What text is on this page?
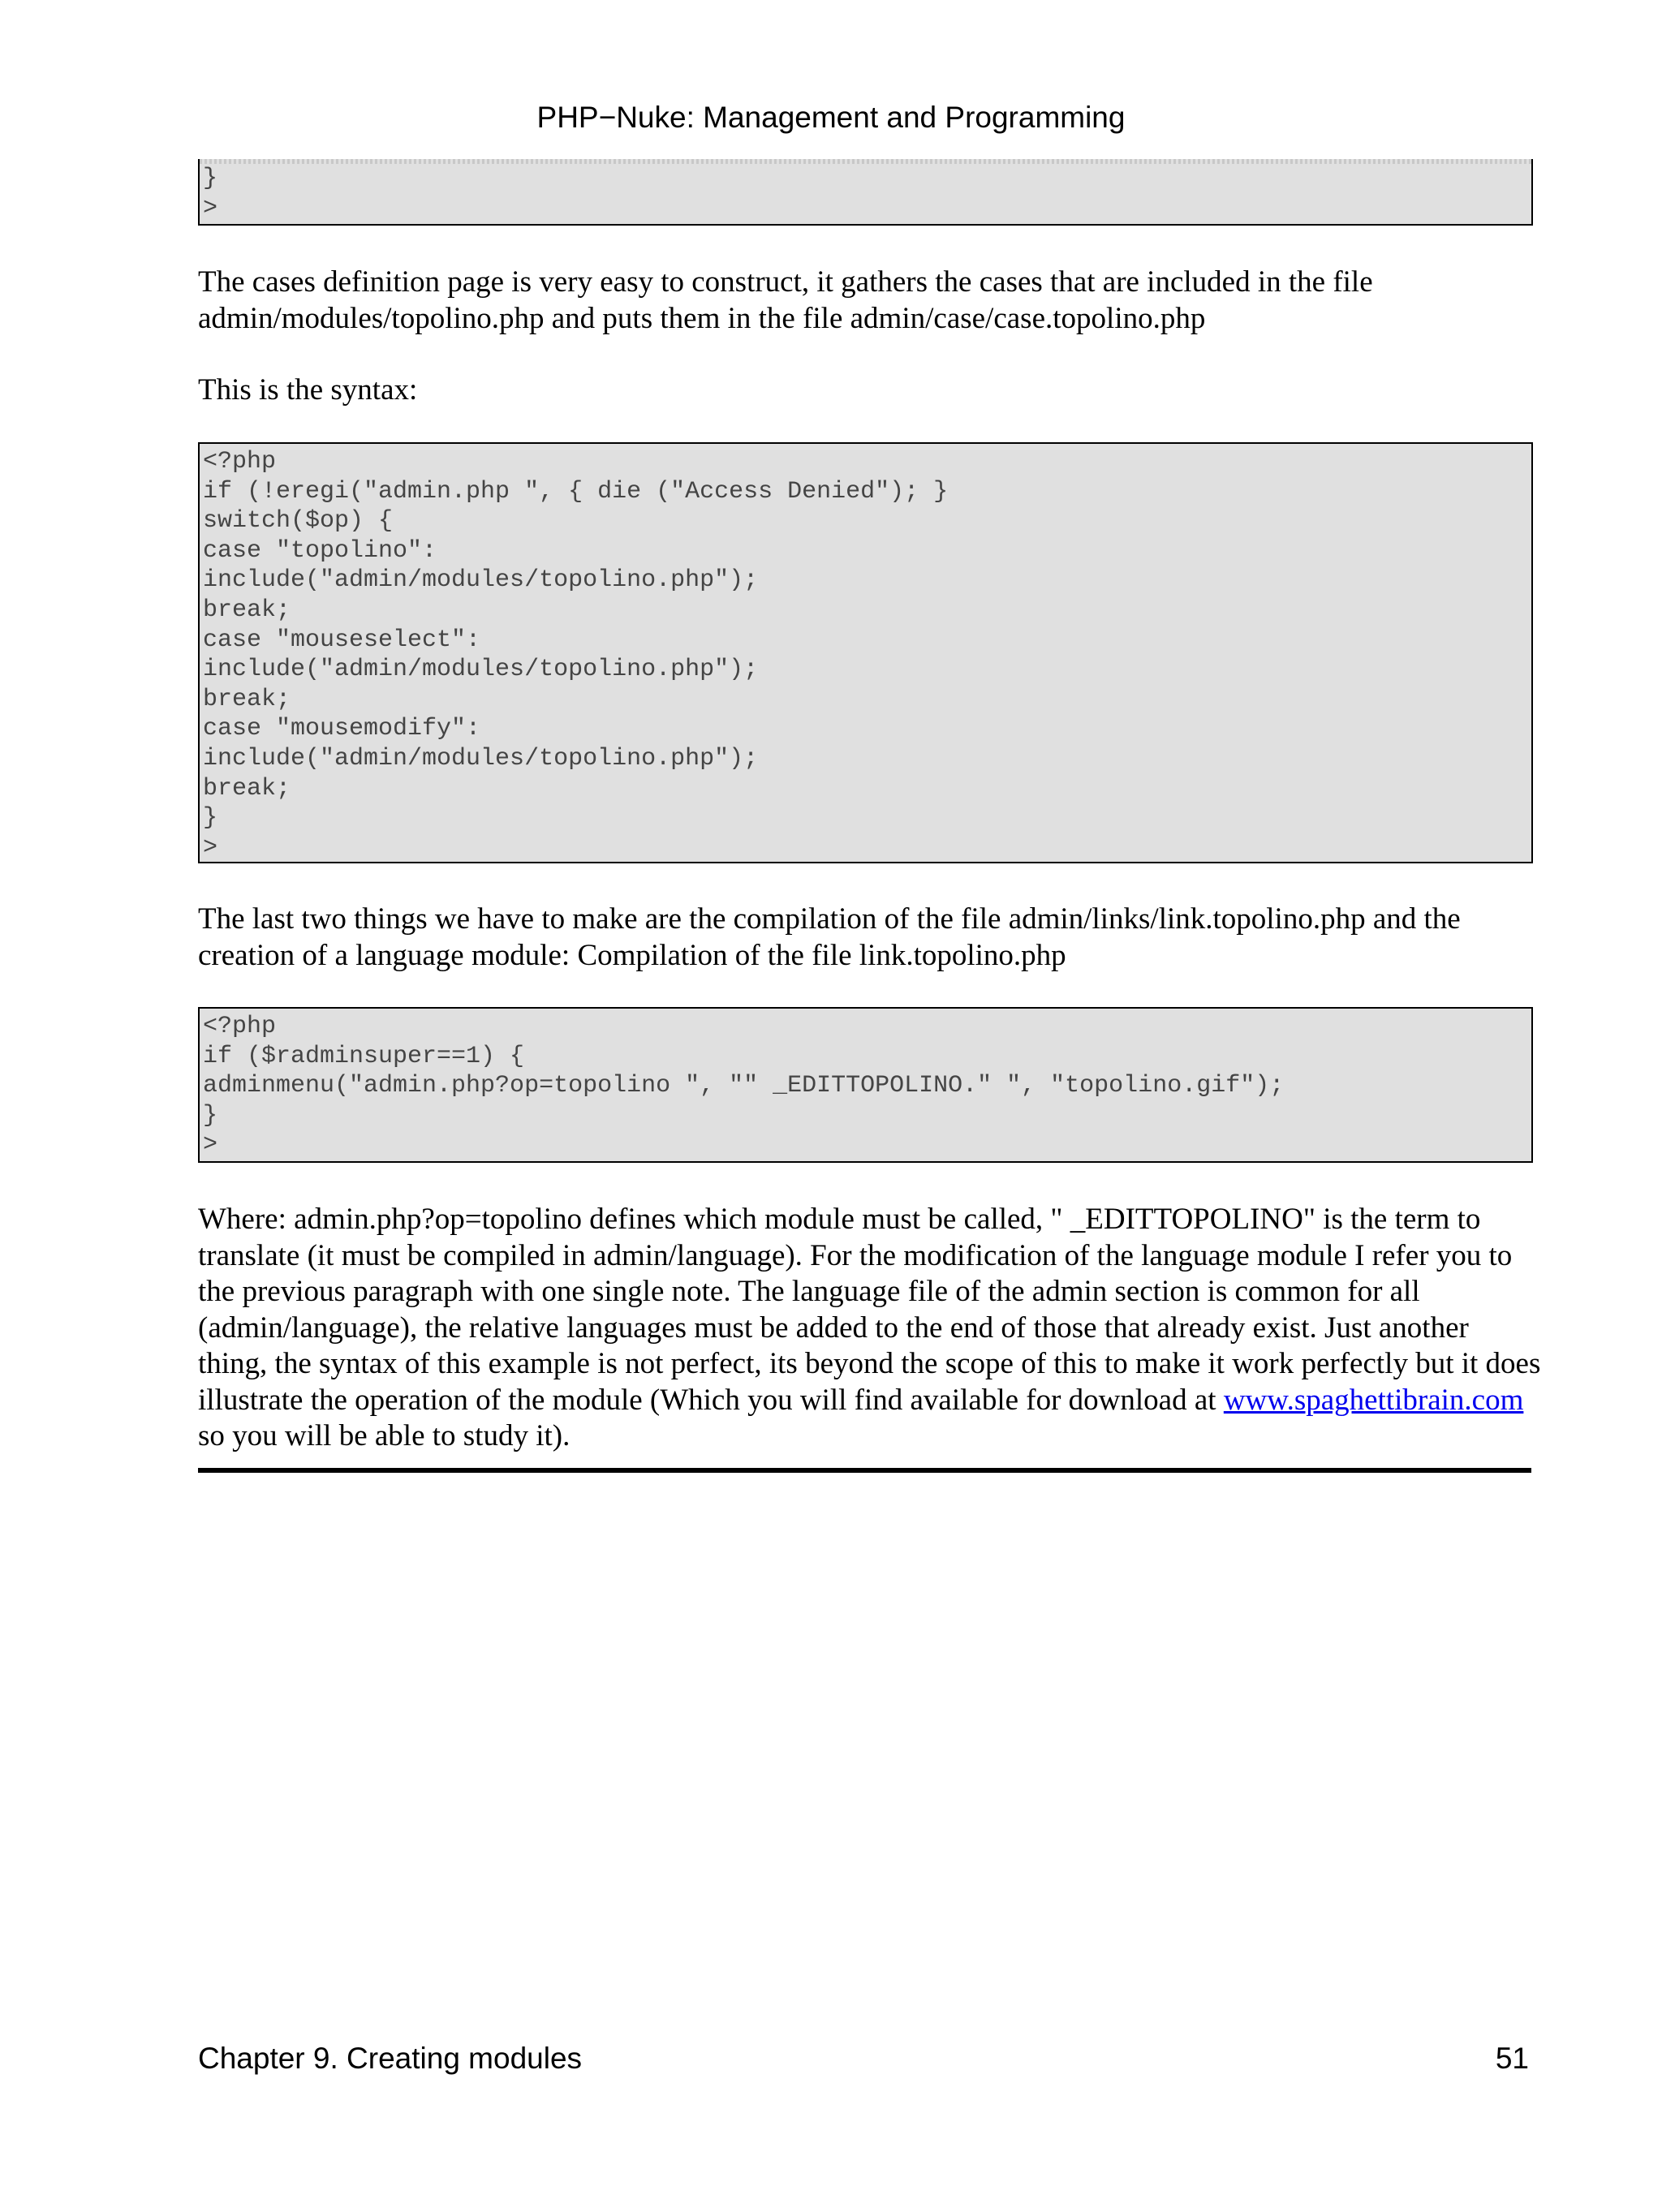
PHP−Nuke: Management and Programming
}
>

The cases definition page is very easy to construct, it gathers the cases that are included in the file admin/modules/topolino.php and puts them in the file admin/case/case.topolino.php

This is the syntax:

<?php
if (!eregi("admin.php ", { die ("Access Denied"); }
switch($op) {
case "topolino":
include("admin/modules/topolino.php");
break;
case "mouseselect":
include("admin/modules/topolino.php");
break;
case "mousemodify":
include("admin/modules/topolino.php");
break;
}
>

The last two things we have to make are the compilation of the file admin/links/link.topolino.php and the creation of a language module: Compilation of the file link.topolino.php

<?php
if ($radminsuper==1) {
adminmenu("admin.php?op=topolino ", "" _EDITTOPOLINO." ", "topolino.gif");
}
>

Where: admin.php?op=topolino defines which module must be called, " _EDITTOPOLINO" is the term to translate (it must be compiled in admin/language). For the modification of the language module I refer you to the previous paragraph with one single note. The language file of the admin section is common for all (admin/language), the relative languages must be added to the end of those that already exist. Just another thing, the syntax of this example is not perfect, its beyond the scope of this to make it work perfectly but it does illustrate the operation of the module (Which you will find available for download at www.spaghettibrain.com so you will be able to study it).

Chapter 9. Creating modules	51
